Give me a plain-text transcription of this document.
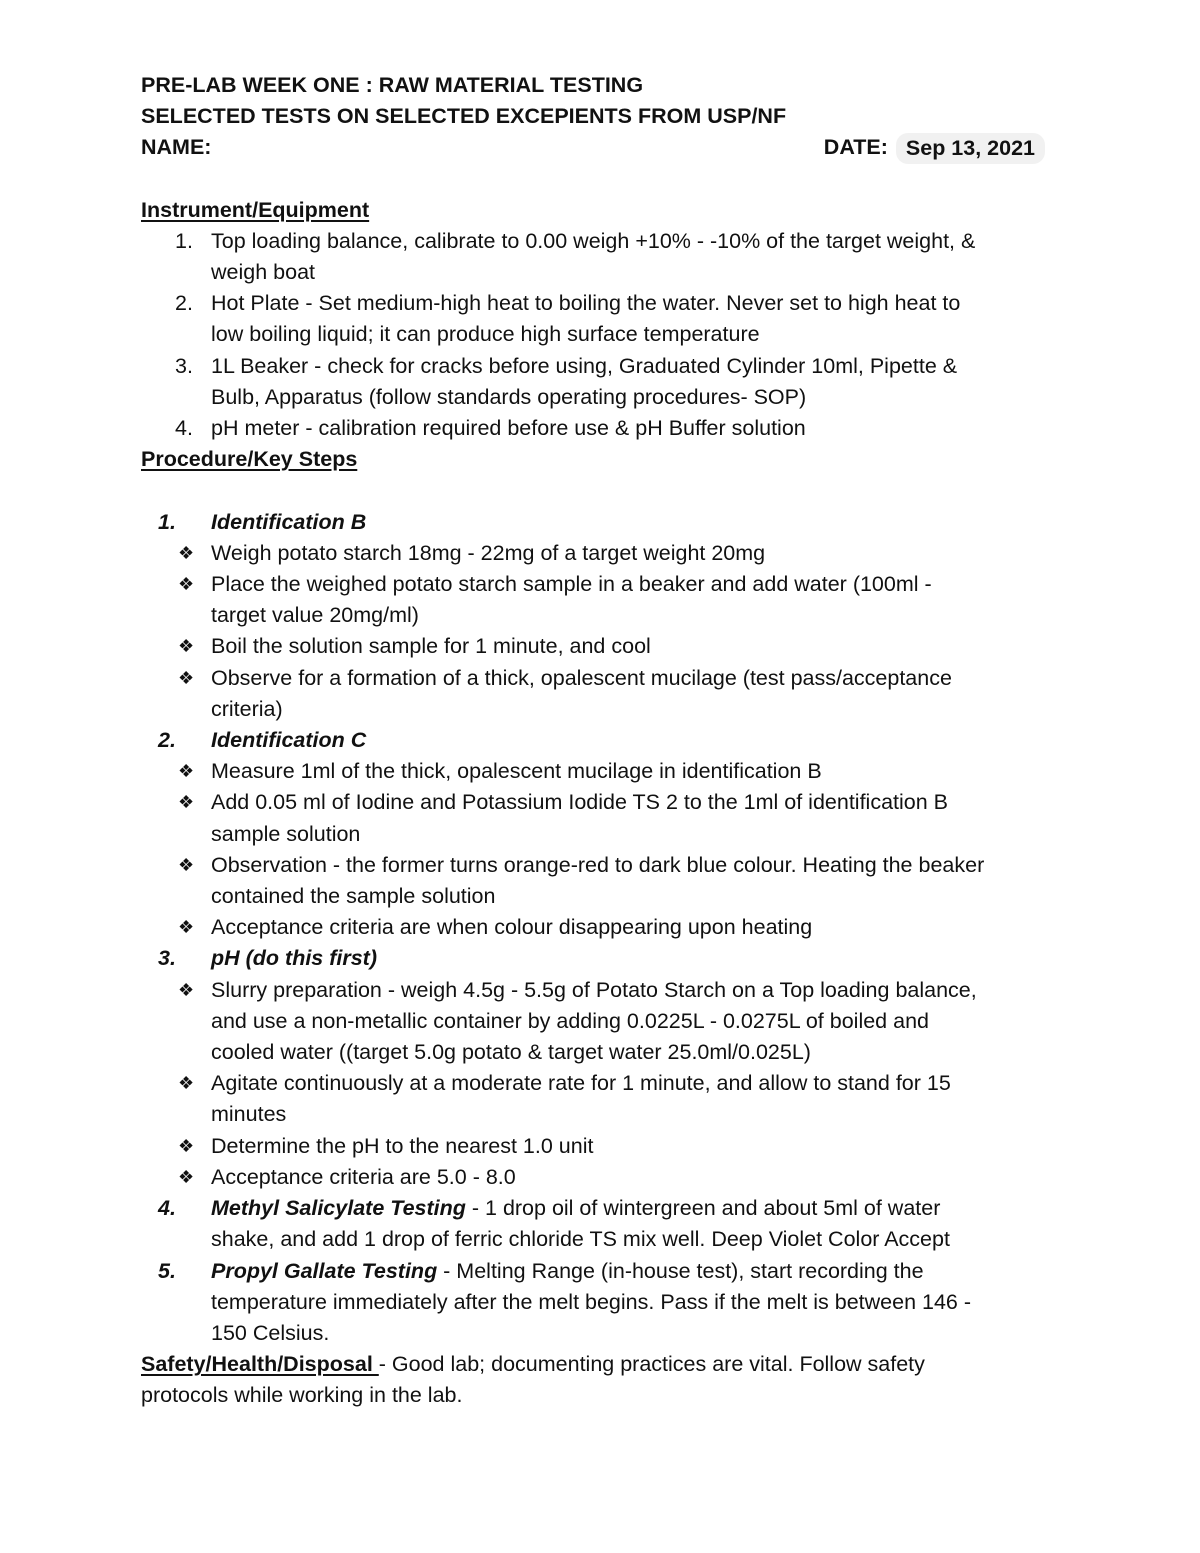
PRE-LAB WEEK ONE : RAW MATERIAL TESTING
SELECTED TESTS ON SELECTED EXCEPIENTS FROM USP/NF
NAME:	DATE: Sep 13, 2021
Instrument/Equipment
1. Top loading balance, calibrate to 0.00 weigh +10% - -10% of the target weight, &
weigh boat
2. Hot Plate - Set medium-high heat to boiling the water. Never set to high heat to
low boiling liquid; it can produce high surface temperature
3. 1L Beaker - check for cracks before using, Graduated Cylinder 10ml, Pipette &
Bulb, Apparatus (follow standards operating procedures- SOP)
4. pH meter - calibration required before use & pH Buffer solution
Procedure/Key Steps
1. Identification B
❖ Weigh potato starch 18mg - 22mg of a target weight 20mg
❖ Place the weighed potato starch sample in a beaker and add water (100ml -
target value 20mg/ml)
❖ Boil the solution sample for 1 minute, and cool
❖ Observe for a formation of a thick, opalescent mucilage (test pass/acceptance
criteria)
2. Identification C
❖ Measure 1ml of the thick, opalescent mucilage in identification B
❖ Add 0.05 ml of Iodine and Potassium Iodide TS 2 to the 1ml of identification B
sample solution
❖ Observation - the former turns orange-red to dark blue colour. Heating the beaker
contained the sample solution
❖ Acceptance criteria are when colour disappearing upon heating
3. pH (do this first)
❖ Slurry preparation - weigh 4.5g - 5.5g of Potato Starch on a Top loading balance,
and use a non-metallic container by adding 0.0225L - 0.0275L of boiled and
cooled water ((target 5.0g potato & target water 25.0ml/0.025L)
❖ Agitate continuously at a moderate rate for 1 minute, and allow to stand for 15
minutes
❖ Determine the pH to the nearest 1.0 unit
❖ Acceptance criteria are 5.0 - 8.0
4. Methyl Salicylate Testing - 1 drop oil of wintergreen and about 5ml of water
shake, and add 1 drop of ferric chloride TS mix well. Deep Violet Color Accept
5. Propyl Gallate Testing - Melting Range (in-house test), start recording the
temperature immediately after the melt begins. Pass if the melt is between 146 -
150 Celsius.
Safety/Health/Disposal - Good lab; documenting practices are vital. Follow safety
protocols while working in the lab.
